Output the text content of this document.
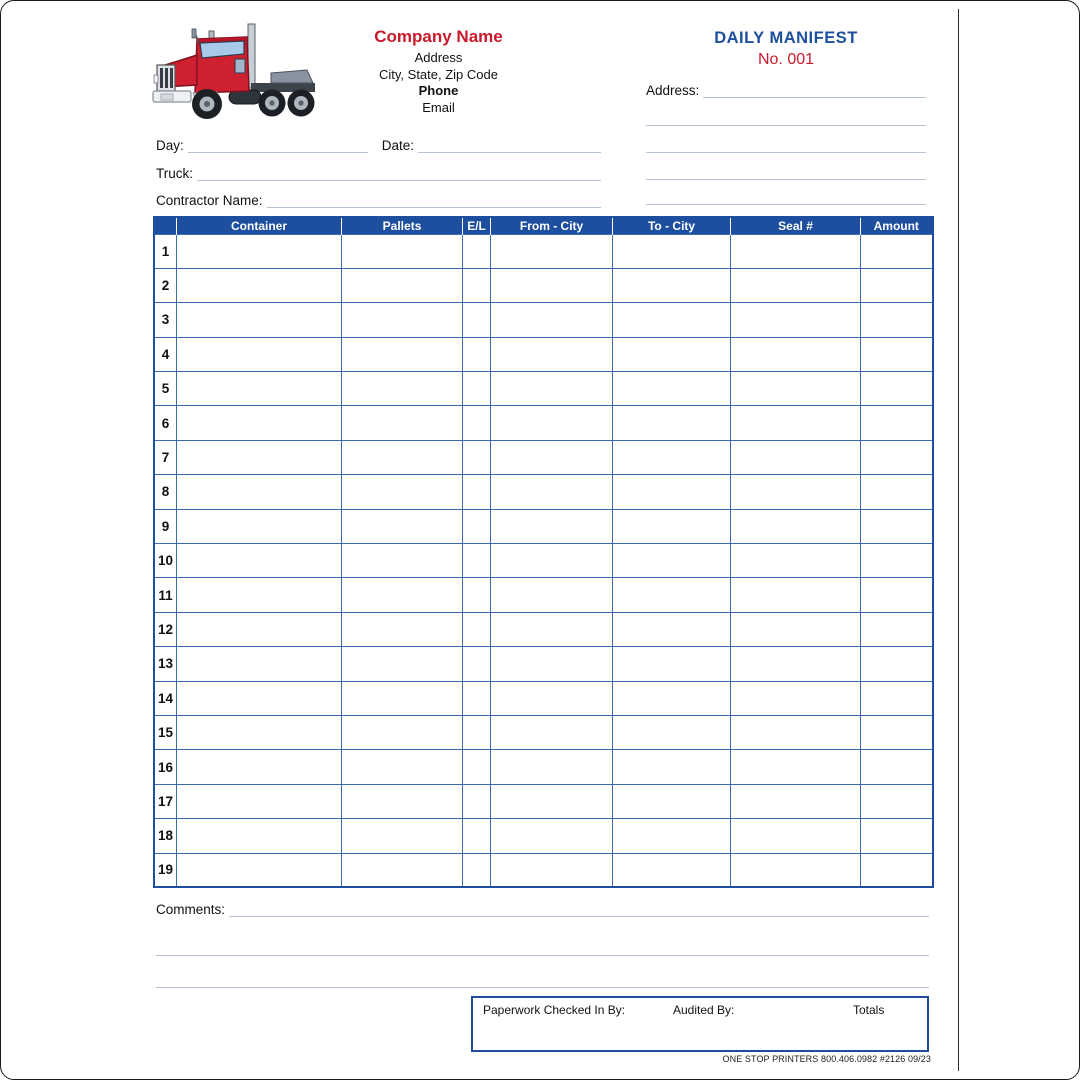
Company Name
Address
City, State, Zip Code
Phone
Email
DAILY MANIFEST
No. 001
Address:
Day:	Date:
Truck:
Contractor Name:
	Container	Pallets	E/L	From - City	To - City	Seal #	Amount
1							
2							
3							
4							
5							
6							
7							
8							
9							
10							
11							
12							
13							
14							
15							
16							
17							
18							
19							
Comments:
Paperwork Checked In By:	Audited By:	Totals
ONE STOP PRINTERS 800.406.0982 #2126 09/23
